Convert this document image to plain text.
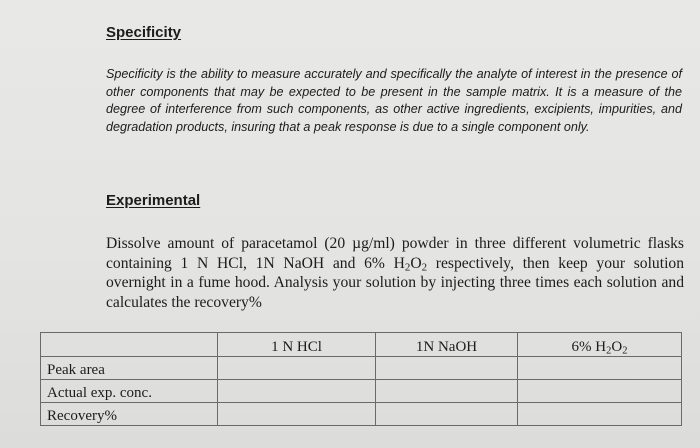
Specificity

Specificity is the ability to measure accurately and specifically the analyte of interest in the presence of other components that may be expected to be present in the sample matrix. It is a measure of the degree of interference from such components, as other active ingredients, excipients, impurities, and degradation products, insuring that a peak response is due to a single component only.

Experimental

Dissolve amount of paracetamol (20 µg/ml) powder in three different volumetric flasks containing 1 N HCl, 1N NaOH and 6% $H_2O_2$ respectively, then keep your solution overnight in a fume hood. Analysis your solution by injecting three times each solution and calculates the recovery%

	1 N HCl	1N NaOH	6% $H_2O_2$
Peak area			
Actual exp. conc.			
Recovery%			
